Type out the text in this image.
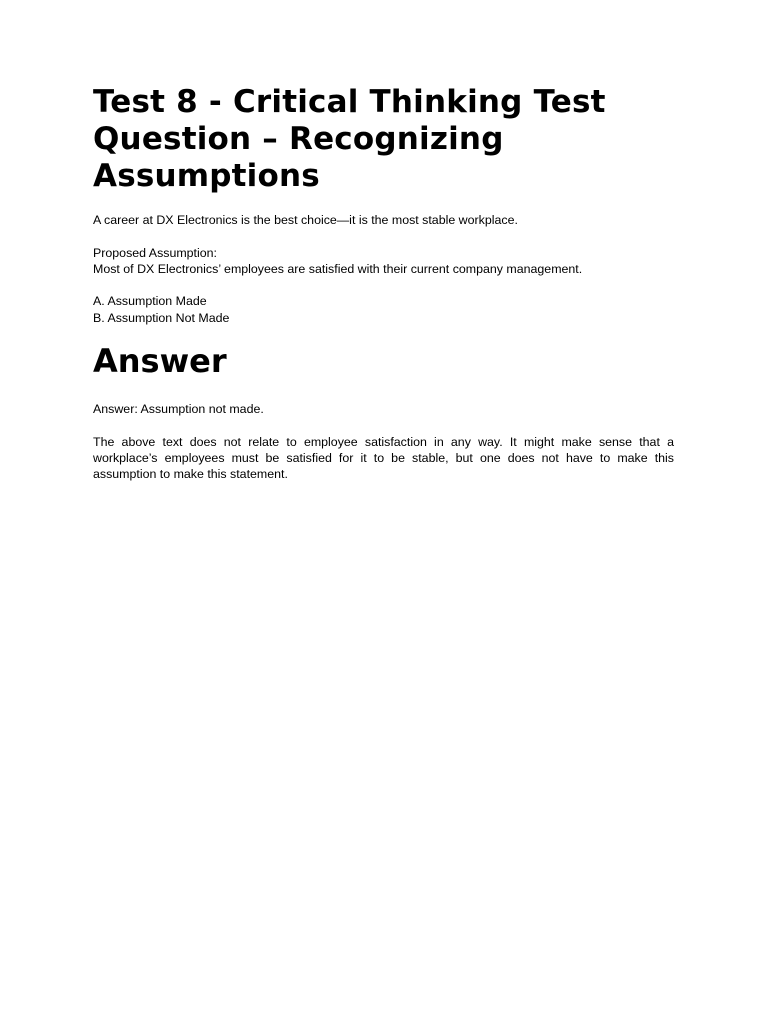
Test 8 - Critical Thinking Test Question – Recognizing Assumptions

A career at DX Electronics is the best choice—it is the most stable workplace.

Proposed Assumption:

Most of DX Electronics’ employees are satisfied with their current company management.

A. Assumption Made

B. Assumption Not Made

Answer

Answer: Assumption not made.

The above text does not relate to employee satisfaction in any way. It might make sense that a workplace’s employees must be satisfied for it to be stable, but one does not have to make this assumption to make this statement.
